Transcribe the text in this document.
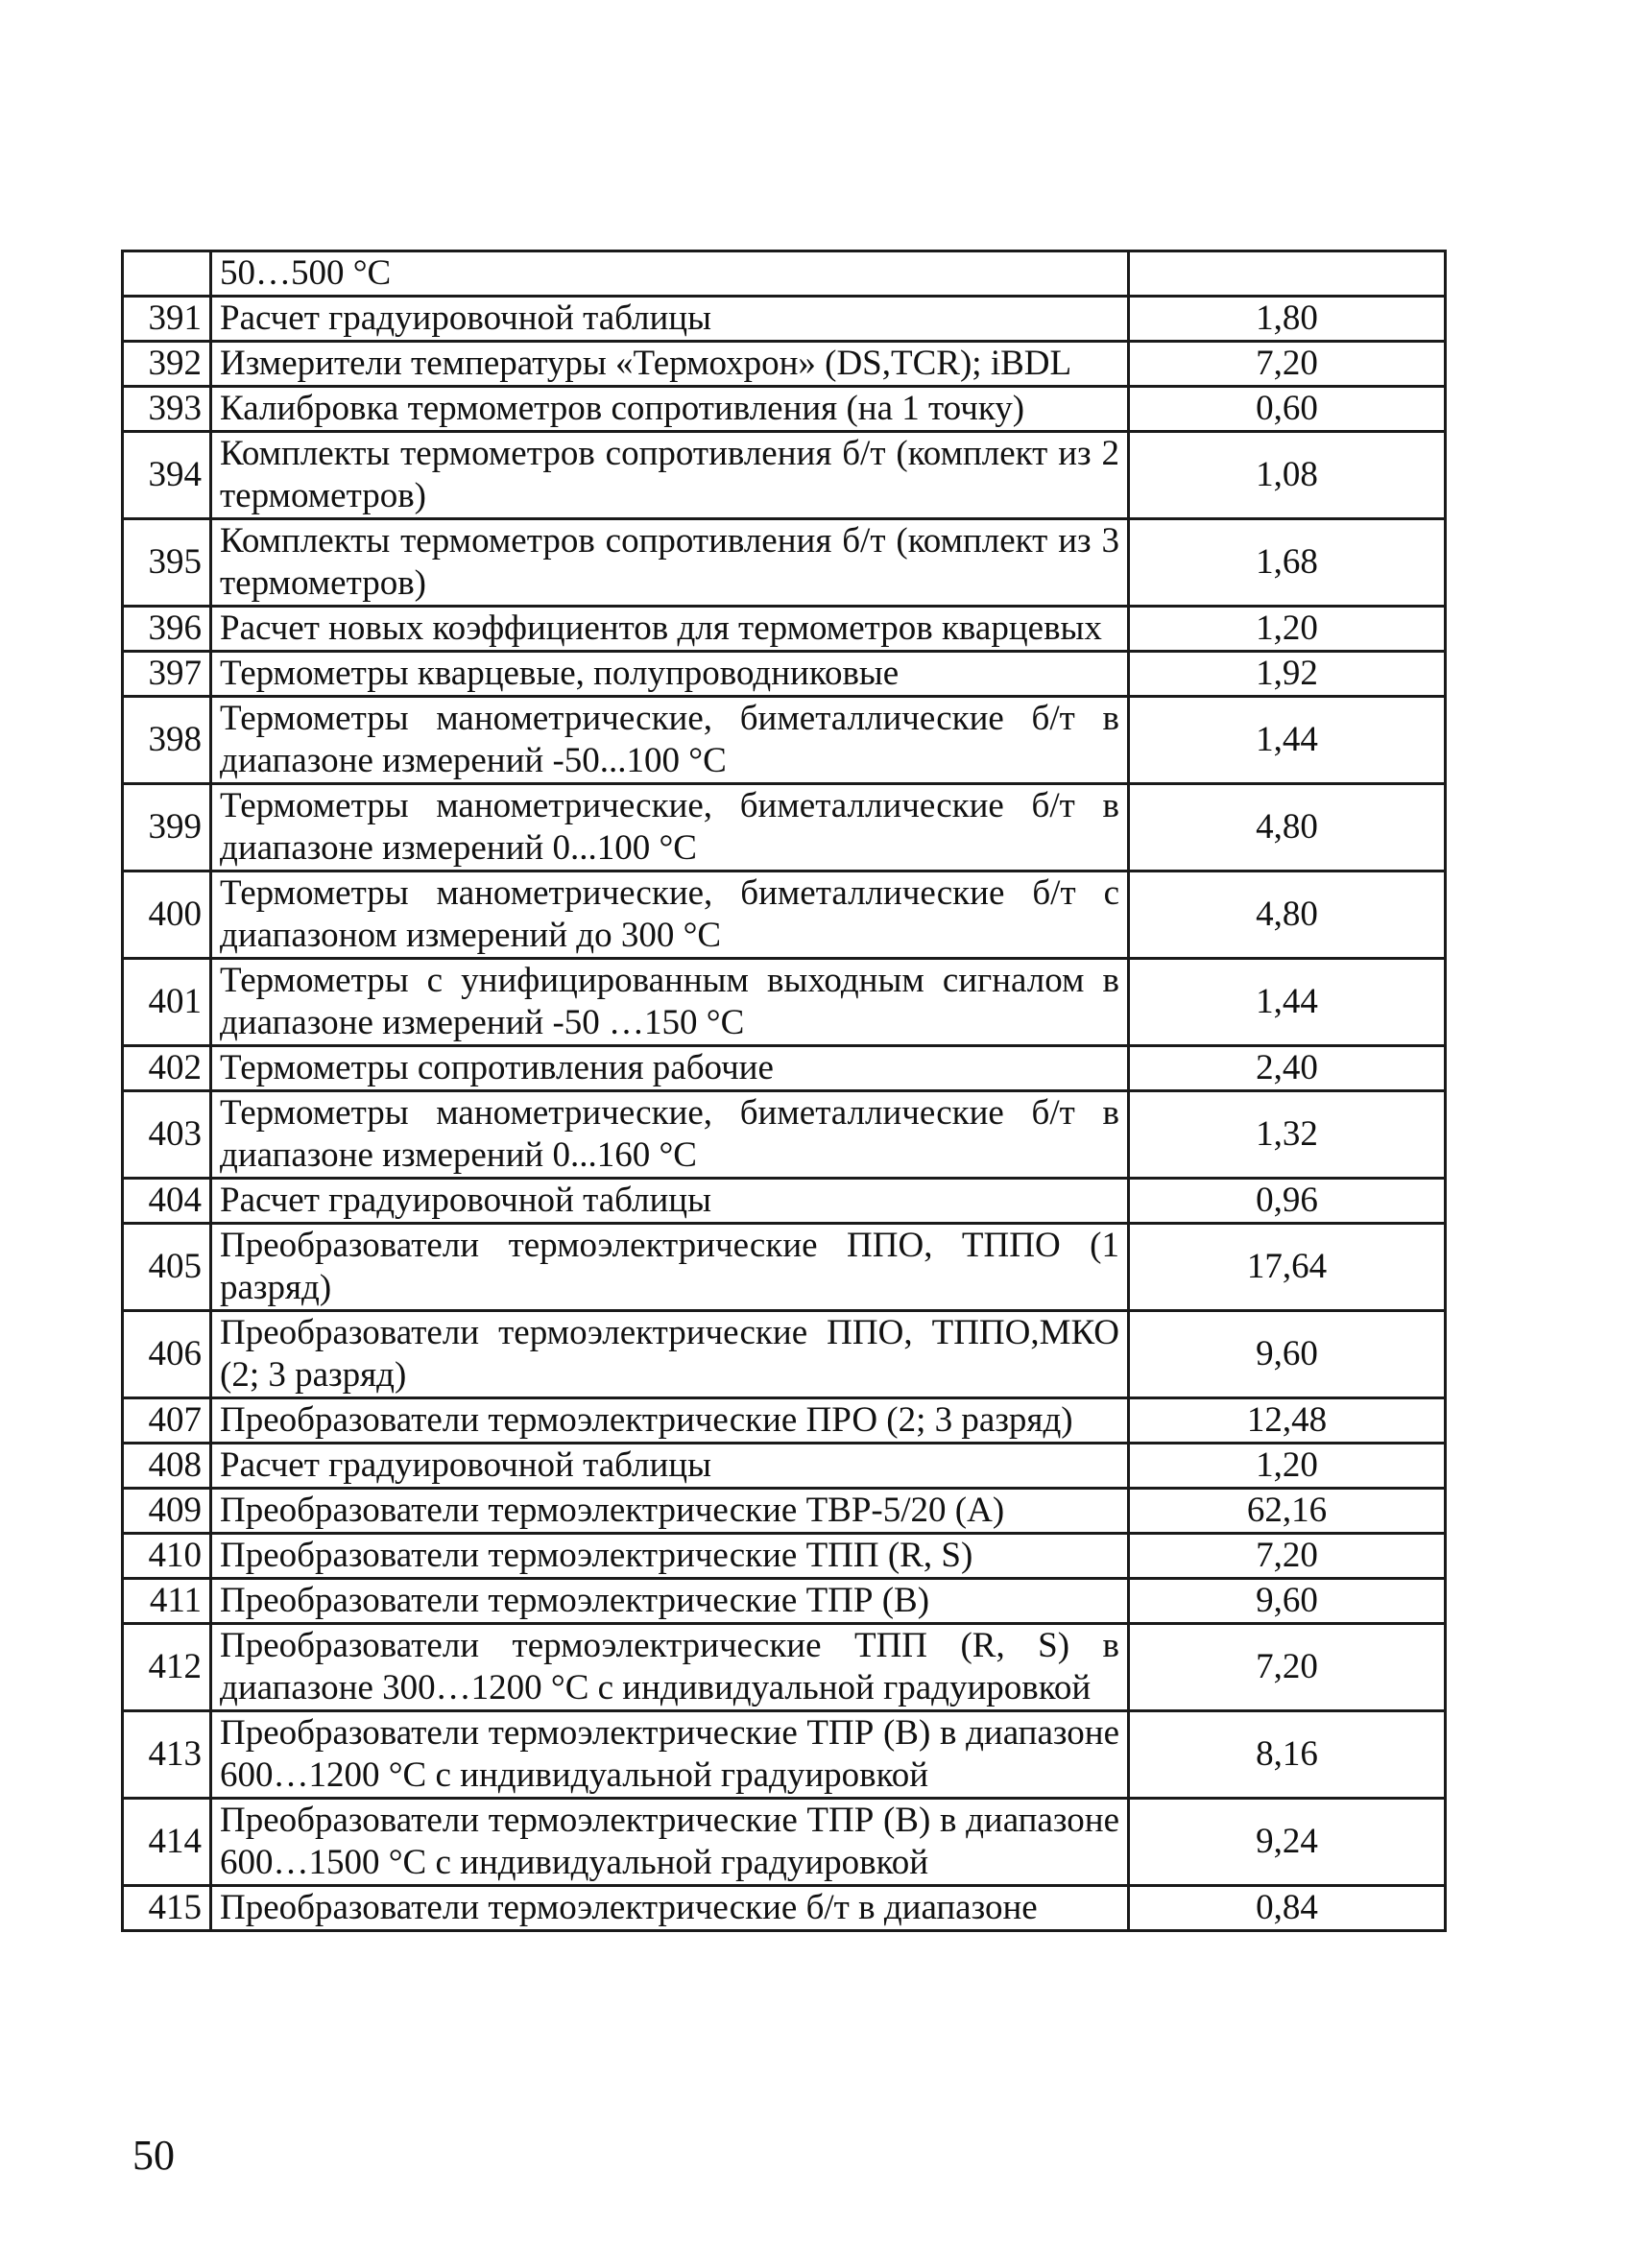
	50…500 °С	
391	Расчет градуировочной таблицы	1,80
392	Измерители температуры «Термохрон» (DS,TCR); iBDL	7,20
393	Калибровка термометров сопротивления (на 1 точку)	0,60
394	Комплекты термометров сопротивления б/т (комплект из 2 термометров)	1,08
395	Комплекты термометров сопротивления б/т (комплект из 3 термометров)	1,68
396	Расчет новых коэффициентов для термометров кварцевых	1,20
397	Термометры кварцевые, полупроводниковые	1,92
398	Термометры манометрические, биметаллические б/т в диапазоне измерений -50...100 °С	1,44
399	Термометры манометрические, биметаллические б/т в диапазоне измерений 0...100 °С	4,80
400	Термометры манометрические, биметаллические б/т с диапазоном измерений до 300 °С	4,80
401	Термометры с унифицированным выходным сигналом в диапазоне измерений -50 …150 °С	1,44
402	Термометры сопротивления рабочие	2,40
403	Термометры манометрические, биметаллические б/т в диапазоне измерений 0...160 °С	1,32
404	Расчет градуировочной таблицы	0,96
405	Преобразователи термоэлектрические ППО, ТППО (1 разряд)	17,64
406	Преобразователи термоэлектрические ППО, ТППО,МКО (2; 3 разряд)	9,60
407	Преобразователи термоэлектрические ПРО (2; 3 разряд)	12,48
408	Расчет градуировочной таблицы	1,20
409	Преобразователи термоэлектрические ТВР-5/20 (А)	62,16
410	Преобразователи термоэлектрические ТПП (R, S)	7,20
411	Преобразователи термоэлектрические ТПР (В)	9,60
412	Преобразователи термоэлектрические ТПП (R, S) в диапазоне 300…1200 °С с индивидуальной градуировкой	7,20
413	Преобразователи термоэлектрические ТПР (В) в диапазоне 600…1200 °С с индивидуальной градуировкой	8,16
414	Преобразователи термоэлектрические ТПР (В) в диапазоне 600…1500 °С с индивидуальной градуировкой	9,24
415	Преобразователи термоэлектрические б/т в диапазоне	0,84
50
